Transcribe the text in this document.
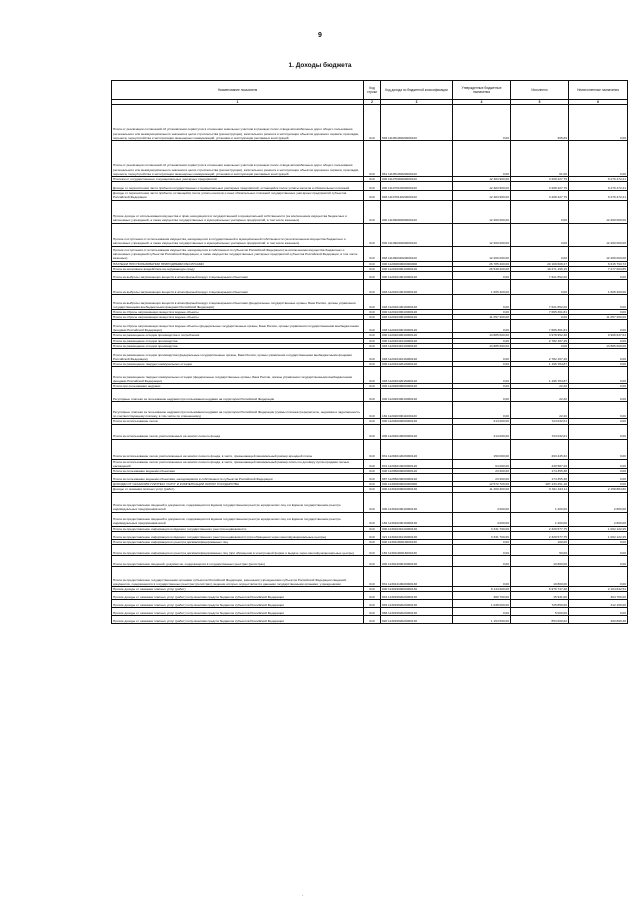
9
1. Доходы бюджета
Наименование показателя	Код строки	Код дохода по бюджетной классификации	Утвержденные бюджетные назначения	Исполнено	Неисполненные назначения
1	2	3	4	5	6
Плата от реализации соглашений об установлении сервитутов в отношении земельных участков в границах полос отвода автомобильных дорог общего пользования регионального или межмуниципального значения в целях строительства (реконструкции), капитального ремонта и эксплуатации объектов дорожного сервиса, прокладки, переноса, переустройства и эксплуатации инженерных коммуникаций, установки и эксплуатации рекламных конструкций	010	848 11105100020000120	0,00	305,69	0,00
Плата от реализации соглашений об установлении сервитутов в отношении земельных участков в границах полос отвода автомобильных дорог общего пользования регионального или межмуниципального значения в целях строительства (реконструкции), капитального ремонта и эксплуатации объектов дорожного сервиса, прокладки, переноса, переустройства и эксплуатации инженерных коммуникаций, установки и эксплуатации рекламных конструкций	010	861 11105100020000120	0,00	61,06	0,00
Платежи от государственных и муниципальных унитарных предприятий	010	000 11107000000000120	12 484 900,00	3 208 427,79	9 276 472,21
Доходы от перечисления части прибыли государственных и муниципальных унитарных предприятий, остающейся после уплаты налогов и обязательных платежей	010	000 11107010000000120	12 484 900,00	3 208 427,79	9 276 472,21
Доходы от перечисления части прибыли, остающейся после уплаты налогов и иных обязательных платежей государственных унитарных предприятий субъектов Российской Федерации	010	848 11107012020000120	12 484 900,00	3 208 427,79	9 276 472,21
Прочие доходы от использования имущества и прав, находящихся в государственной и муниципальной собственности (за исключением имущества бюджетных и автономных учреждений, а также имущества государственных и муниципальных унитарных предприятий, в том числе казенных)	010	000 11109000000000120	12 260 000,00	0,00	12 260 000,00
Прочие поступления от использования имущества, находящегося в государственной и муниципальной собственности (за исключением имущества бюджетных и автономных учреждений, а также имущества государственных и муниципальных унитарных предприятий, в том числе казенных)	010	000 11109040000000120	12 260 000,00	0,00	12 260 000,00
Прочие поступления от использования имущества, находящегося в собственности субъектов Российской Федерации (за исключением имущества бюджетных и автономных учреждений субъектов Российской Федерации, а также имущества государственных унитарных предприятий субъектов Российской Федерации, в том числе казенных)	010	848 11109042020000120	12 260 000,00	0,00	12 260 000,00
ПЛАТЕЖИ ПРИ ПОЛЬЗОВАНИИ ПРИРОДНЫМИ РЕСУРСАМИ	010	000 11200000000000000	26 785 400,00	20 169 608,27	6 615 793,73
Плата за негативное воздействие на окружающую среду	010	000 11201000010000120	26 548 200,00	19 271 196,15	7 277 003,85
Плата за выбросы загрязняющих веществ в атмосферный воздух стационарными объектами	010	000 11201010010000120	0,00	7 621 852,00	0,00
Плата за выбросы загрязняющих веществ в атмосферный воздух стационарными объектами	010	048 11201010010000120	1 605 400,00	0,00	1 605 400,00
Плата за выбросы загрязняющих веществ в атмосферный воздух стационарными объектами (федеральные государственные органы, Банк России, органы управления государственными внебюджетными фондами Российской Федерации)	010	048 11201010016000120	0,00	7 621 852,00	0,00
Плата за сбросы загрязняющих веществ в водные объекты	010	000 11201030010000120	0,00	7 665 361,81	0,00
Плата за сбросы загрязняющих веществ в водные объекты	010	048 11201030010000120	11 057 200,00	0,00	11 057 200,00
Плата за сбросы загрязняющих веществ в водные объекты (федеральные государственные органы, Банк России, органы управления государственными внебюджетными фондами Российской Федерации)	010	048 11201030016000120	0,00	7 665 361,81	0,00
Плата за размещение отходов производства и потребления	010	000 11201040010000120	13 885 600,00	3 978 952,38	9 906 647,64
Плата за размещение отходов производства	010	000 11201041010000120	0,00	2 782 167,49	0,00
Плата за размещение отходов производства	010	048 11201041010000120	13 885 600,00	0,00	13 885 600,00
Плата за размещение отходов производства (федеральные государственные органы, Банк России, органы управления государственными внебюджетными фондами Российской Федерации)	010	048 11201041016000120	0,00	2 782 167,49	0,00
Плата за размещение твердых коммунальных отходов	010	000 11201042010000120	0,00	1 196 784,87	0,00
Плата за размещение твердых коммунальных отходов (федеральные государственные органы, Банк России, органы управления государственными внебюджетными фондами Российской Федерации)	010	048 11201042016000120	0,00	1 196 784,87	0,00
Плата при пользовании недрами	010	000 11202000000000120	0,00	22,20	0,00
Регулярные платежи за пользование недрами при пользовании недрами на территории Российской Федерации	010	000 11202030010000120	0,00	22,20	0,00
Регулярные платежи за пользование недрами при пользовании недрами на территории Российской Федерации (суммы платежа (перерасчеты, недоимка и задолженность по соответствующему платежу, в том числе по отмененному)	010	182 11202030011000120	0,00	22,20	0,00
Плата за использование лесов	010	000 11204000000000120	214 000,00	724 032,61	0,00
Плата за использование лесов, расположенных на землях лесного фонда	010	000 11204010000000120	214 000,00	724 032,61	0,00
Плата за использование лесов, расположенных на землях лесного фонда, в части, превышающей минимальный размер арендной платы	010	831 11204012020000120	150 000,00	293 445,32	0,00
Плата за использование лесов, расположенных на землях лесного фонда, в части, превышающей минимальный размер платы по договору купли-продажи лесных насаждений	010	831 11204013020000120	64 000,00	430 587,29	0,00
Плата за пользование водными объектами	010	000 11205000000000120	23 200,00	174 355,38	0,00
Плата за пользование водными объектами, находящимися в собственности субъектов Российской Федерации	010	887 11205020020000120	23 200,00	174 355,38	0,00
ДОХОДЫ ОТ ОКАЗАНИЯ ПЛАТНЫХ УСЛУГ И КОМПЕНСАЦИИ ЗАТРАТ ГОСУДАРСТВА	010	000 11300000000000000	12 572 700,00	287 433 451,18	0,00
Доходы от оказания платных услуг (работ)	010	000 11301000000000130	11 460 300,00	9 321 423,11	2 158 884,80
Плата за предоставление сведений и документов, содержащихся в Едином государственном реестре юридических лиц и в Едином государственном реестре индивидуальных предпринимателей	010	000 11301020010000130	4 000,00	1 200,00	2 800,00
Плата за предоставление сведений и документов, содержащихся в Едином государственном реестре юридических лиц и в Едином государственном реестре индивидуальных предпринимателей	010	182 11301020016000130	4 000,00	1 200,00	2 800,00
Плата за предоставление информации из Единого государственного реестра недвижимости	010	000 11301031010000130	3 331 700,00	2 329 577,75	1 002 122,25
Плата за предоставление информации из Единого государственного реестра недвижимости (при обращении через многофункциональные центры)	010	321 11301031016000130	3 331 700,00	2 329 577,75	1 002 122,25
Плата за предоставление информации из реестра дисквалифицированных лиц	010	000 11301190010000130	0,00	100,00	0,00
Плата за предоставление информации из реестра дисквалифицированных лиц (при обращении в электронной форме и выдаче через многофункциональные центры)	010	182 11301190016000130	0,00	50,00	0,00
Плата за предоставление сведений, документов, содержащихся в государственных реестрах (регистрах)	010	000 11301400010000130	0,00	10 800,00	0,00
Плата за предоставление государственными органами субъектов Российской Федерации, казенными учреждениями субъектов Российской Федерации сведений, документов, содержащихся в государственных реестрах (регистрах), ведение которых осуществляется данными государственными органами, учреждениями	010	831 11301410020000130	0,00	10 800,00	0,00
Прочие доходы от оказания платных услуг (работ)	010	000 11301990000000130	8 144 600,00	6 979 747,28	2 164 842,54
Прочие доходы от оказания платных услуг (работ) получателями средств бюджетов субъектов Российской Федерации	010	843 11301992020000130	380 700,00	15 931,00	364 769,00
Прочие доходы от оказания платных услуг (работ) получателями средств бюджетов субъектов Российской Федерации	010	845 11301992020000130	1 038 000,00	725 850,00	312 150,00
Прочие доходы от оказания платных услуг (работ) получателями средств бюджетов субъектов Российской Федерации	010	868 11301992020000130	0,00	5 000,00	0,00
Прочие доходы от оказания платных услуг (работ) получателями средств бюджетов субъектов Российской Федерации	010	820 11301992020000130	1 154 500,00	853 600,62	300 899,38
.
